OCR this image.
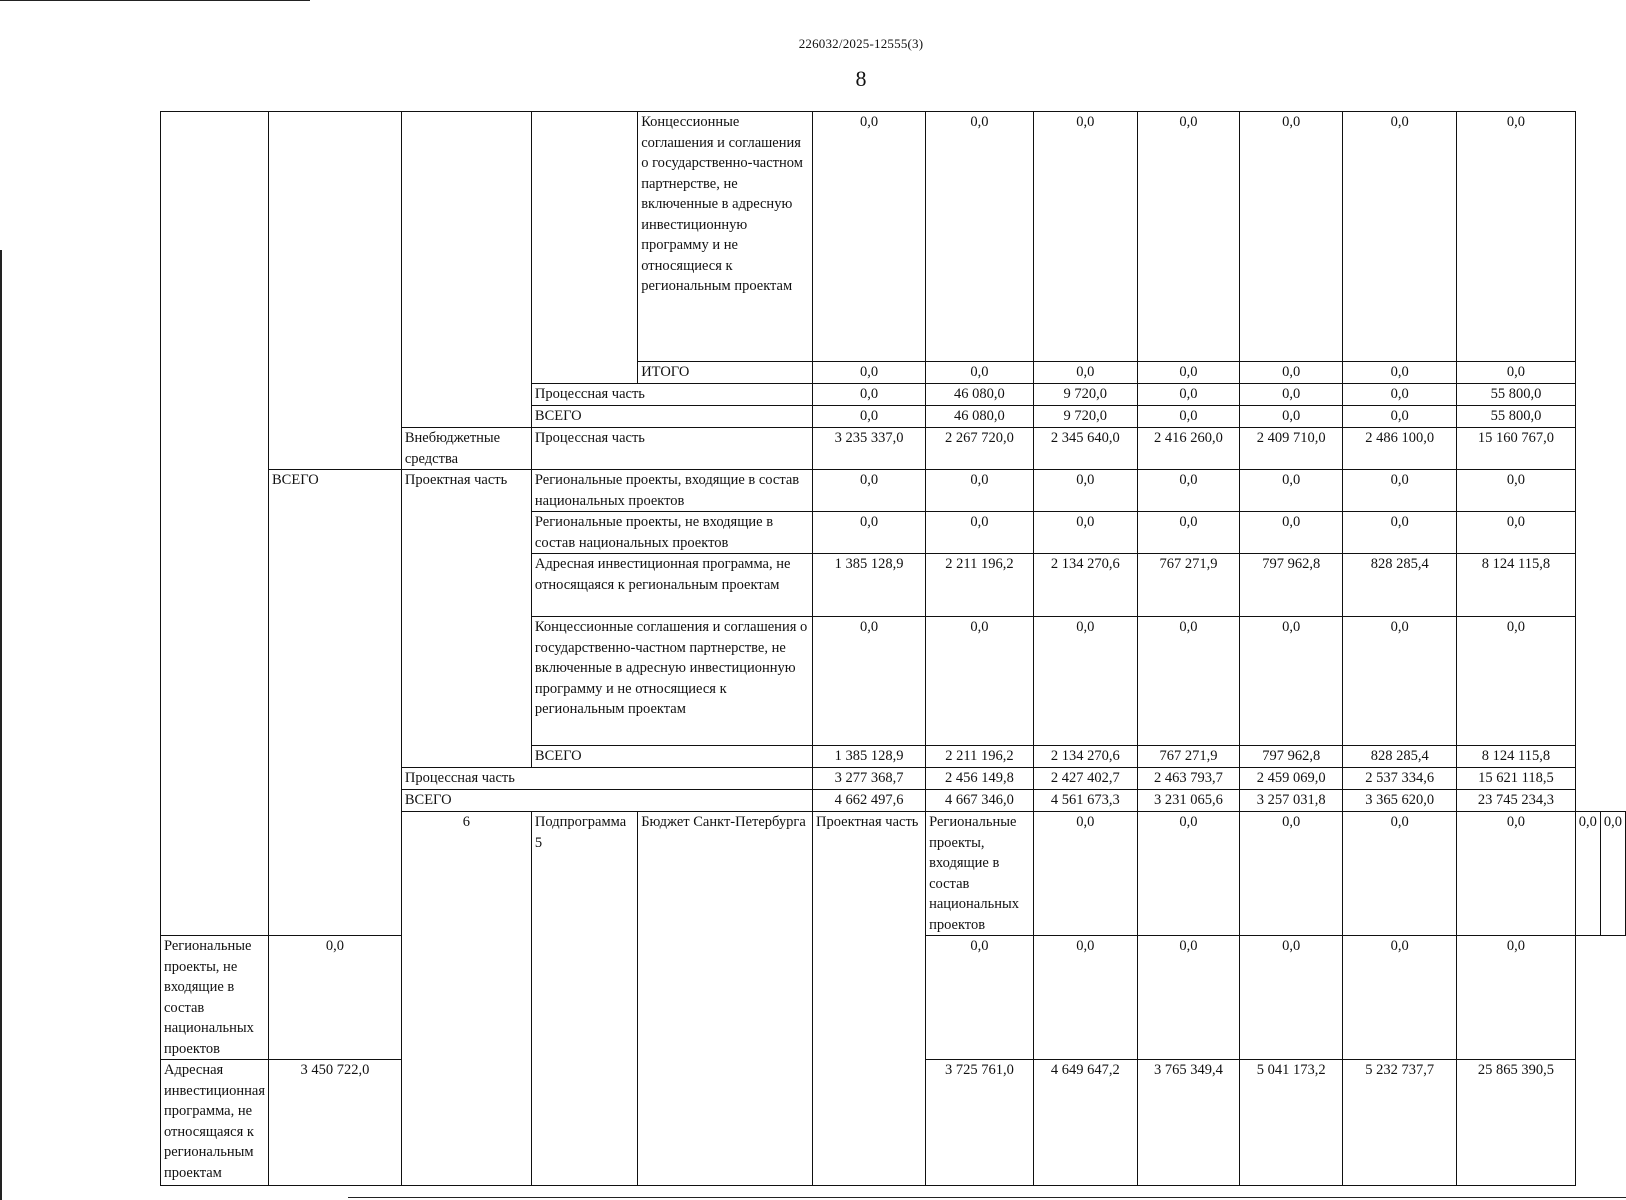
226032/2025-12555(3)
8
				Концессионные соглашения и соглашения о государственно-частном партнерстве, не включенные в адресную инвестиционную программу и не относящиеся к региональным проектам	0,0	0,0	0,0	0,0	0,0	0,0	0,0		
				ИТОГО	0,0	0,0	0,0	0,0	0,0	0,0	0,0		
			Процессная часть		0,0	46 080,0	9 720,0	0,0	0,0	0,0	55 800,0		
			ВСЕГО		0,0	46 080,0	9 720,0	0,0	0,0	0,0	55 800,0		
		Внебюджетные средства	Процессная часть		3 235 337,0	2 267 720,0	2 345 640,0	2 416 260,0	2 409 710,0	2 486 100,0	15 160 767,0		
	ВСЕГО	Проектная часть	Региональные проекты, входящие в состав национальных проектов		0,0	0,0	0,0	0,0	0,0	0,0	0,0		
			Региональные проекты, не входящие в состав национальных проектов		0,0	0,0	0,0	0,0	0,0	0,0	0,0		
			Адресная инвестиционная программа, не относящаяся к региональным проектам		1 385 128,9	2 211 196,2	2 134 270,6	767 271,9	797 962,8	828 285,4	8 124 115,8		
			Концессионные соглашения и соглашения о государственно-частном партнерстве, не включенные в адресную инвестиционную программу и не относящиеся к региональным проектам		0,0	0,0	0,0	0,0	0,0	0,0	0,0		
			ВСЕГО		1 385 128,9	2 211 196,2	2 134 270,6	767 271,9	797 962,8	828 285,4	8 124 115,8		
		Процессная часть			3 277 368,7	2 456 149,8	2 427 402,7	2 463 793,7	2 459 069,0	2 537 334,6	15 621 118,5		
		ВСЕГО			4 662 497,6	4 667 346,0	4 561 673,3	3 231 065,6	3 257 031,8	3 365 620,0	23 745 234,3		
		6	Подпрограмма 5	Бюджет Санкт-Петербурга	Проектная часть	Региональные проекты, входящие в состав национальных проектов	0,0	0,0	0,0	0,0	0,0	0,0	0,0
Региональные проекты, не входящие в состав национальных проектов	0,0					0,0	0,0	0,0	0,0	0,0	0,0		
Адресная инвестиционная программа, не относящаяся к региональным проектам	3 450 722,0					3 725 761,0	4 649 647,2	3 765 349,4	5 041 173,2	5 232 737,7	25 865 390,5		
